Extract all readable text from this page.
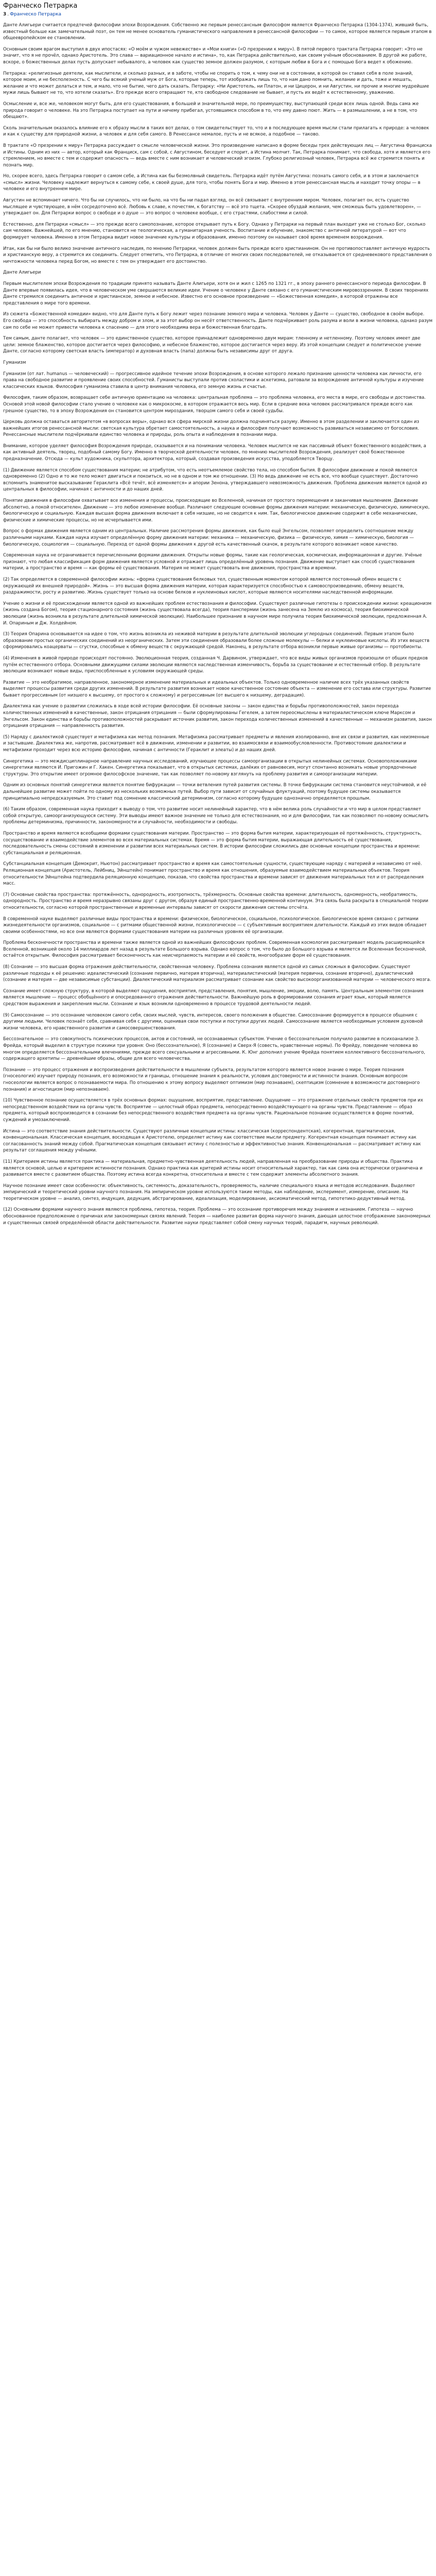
Франческо Петрарка
3 . Франческо Петрарка

Данте Алигьери считается предтечей философии эпохи Возрождения. Собственно же первым ренессансным философом является Франческо Петрарка (1304-1374), живший быть, известный больше как замечательный поэт, он тем не менее основатель гуманистического направления в ренессансной философии — то самое, которое является первым этапом в общеевропейском ее становлении.

Основным своим врагом выступил в двух ипостасях: «О моём и чужом невежестве» и «Мои книги» («О презрении к миру»). В пятой первого трактата Петрарка говорит: «Это не значит, что я не прочёл, однако Аристотель. Это слава — вариационное начало и истина», то, как Петрарка действительно, как своим учёным обоснованием. В другой же работе, вскоре, о божественных делах пусть допускает небывалого, а человек как существо земное должен разумом, с которым любви в Бога и с помощью Бога ведет к обожению.

Петрарка: «религиозные деятели, как мыслители, и сколько разных, и в заботе, чтобы не спорить о том, к чему они не в состоянии, в которой он ставил себя в поле знаний, которое моим, и не бесполезность. С чего бы всякий ученый муж от Бога, которые теперь, тот изображать лишь то, что нам дано помнить, желание и дать, тоже и мешать, желание и что может делаться и тем, и мало, что не бытие, чего дать сказать. Петрарку: «Ни Аристотель, ни Платон, и ни Цицерон, и ни Августин, ни прочие и многие мудрейшие мужи лишь бывают не то, что хотели сказать». Его прежде всего отвращают те, кто свободное следование не бывает, и пусть их ведёт к естественному, уважению.

Осмысление и, все же, человеком могут быть, для его существования, в большей и значительной мере, по преимуществу, выступающей среди всех лишь одной. Ведь сама же природа говорит о человеке. На это Петрарка поступает на пути и ничему прибегал, устоявшимся способом в то, что ему давно поют. Жить — в размышлении, а не в том, что обещают».

Сколь значительным оказалось влияние его к образу мысли в таких вот делах, о том свидетельствует то, что и в последующее время мысли стали прилагать к природе: а человек и как к существу для природной жизни, а человек и для себя самого. В Ренессансе немалое, пусть и не всякое, а подобное — таково.

В трактате «О презрении к миру» Петрарка рассуждает о смысле человеческой жизни. Это произведение написано в форме беседы трех действующих лиц — Августина Франциска и Истины. Одним из них — автор, который как Франциск, сам с собой, с Августином, беседует и спорит, а Истина молчит. Так, Петрарка понимает, что свобода, хотя и является его стремлением, но вместе с тем и содержит опасность — ведь вместе с ним возникает и человеческий эгоизм. Глубоко религиозный человек, Петрарка всё же стремится понять и познать мир.

Но, скорее всего, здесь Петрарка говорит о самом себе, а Истина как бы безмолвный свидетель. Петрарка идёт путём Августина: познать самого себя, и в этом и заключается «смысл» жизни. Человеку надлежит вернуться к самому себе, к своей душе, для того, чтобы понять Бога и мир. Именно в этом ренессансная мысль и находит точку опоры — в человеке и его внутреннем мире.

Августин не вспоминает ничего. Что бы ни случилось, что ни было, на что бы ни падал взгляд, он всё связывает с внутренним миром. Человек, полагает он, есть существо мыслящее и чувствующее, в нём сосредоточено всё. Любовь к славе, к почестям, к богатству — всё это тщета. «Скорее обуздай желания, чем сможешь быть удовлетворен», — утверждает он. Для Петрарки вопрос о свободе и о душе — это вопрос о человеке вообще, с его страстями, слабостями и силой.

Естественно, для Петрарки «смысл» — это прежде всего самопознание, которое открывает путь к Богу. Однако у Петрарки на первый план выходит уже не столько Бог, сколько сам человек. Важнейшей, по его мнению, становится не теологическая, а гуманитарная ученость. Воспитание и обучение, знакомство с античной литературой — вот что формирует человека. Именно в этом Петрарка видит новое значение культуры и образования, именно поэтому он называет своё время временем возрождения.

Итак, как бы ни было велико значение античного наследия, по мнению Петрарки, человек должен быть прежде всего христианином. Он не противопоставляет античную мудрость и христианскую веру, а стремится их соединить. Следует отметить, что Петрарка, в отличие от многих своих последователей, не отказывается от средневекового представления о ничтожности человека перед Богом, но вместе с тем он утверждает его достоинство.

Данте Алигьери

Первым мыслителем эпохи Возрождения по традиции принято называть Данте Алигьери, хотя он и жил с 1265 по 1321 гг., в эпоху раннего ренессансного периода философии. В Данте впервые появилась идея, что в человеческом уме свершаются великие идеи. Учение о человеке у Данте связано с его гуманистическим мировоззрением. В своих творениях Данте стремился соединить античное и христианское, земное и небесное. Известно его основное произведение — «Божественная комедия», в которой отражены все представления о мире того времени.

Из сюжета «Божественной комедии» видно, что для Данте путь к Богу лежит через познание земного мира и человека. Человек у Данте — существо, свободное в своём выборе. Его свобода — это способность выбирать между добром и злом, и за этот выбор он несёт ответственность. Данте подчёркивает роль разума и воли в жизни человека, однако разум сам по себе не может привести человека к спасению — для этого необходима вера и божественная благодать.

Тем самым, данте полагает, что человек — это единственное существо, которое принадлежит одновременно двум мирам: тленному и нетленному. Поэтому человек имеет две цели: земное блаженство, которое достигается через философию, и небесное блаженство, которое достигается через веру. Из этой концепции следует и политическое учение Данте, согласно которому светская власть (император) и духовная власть (папа) должны быть независимы друг от друга.

Гуманизм

Гуманизм (от лат. humanus — человеческий) — прогрессивное идейное течение эпохи Возрождения, в основе которого лежало признание ценности человека как личности, его права на свободное развитие и проявление своих способностей. Гуманисты выступали против схоластики и аскетизма, ратовали за возрождение античной культуры и изучение классических языков. Философия гуманизма ставила в центр внимания человека, его земную жизнь и счастье.

Философия, таким образом, возвращает себе античную ориентацию на человека: центральная проблема — это проблема человека, его места в мире, его свободы и достоинства. Основой этой новой философии стало учение о человеке как о микрокосме, в котором отражается весь мир. Если в средние века человек рассматривался прежде всего как грешное существо, то в эпоху Возрождения он становится центром мироздания, творцом самого себя и своей судьбы.

Церковь должна оставаться авторитетом «в вопросах веры», однако вся сфера мирской жизни должна подчиняться разуму. Именно в этом разделении и заключается один из важнейших итогов ренессансной мысли: светская культура обретает самостоятельность, а наука и философия получают возможность развиваться независимо от богословия. Ренессансные мыслители подчёркивали единство человека и природы, роль опыта и наблюдения в познании мира.

Внимание, которое уделяет философия Возрождения природе, сказывается и на понимании человека. Человек мыслится не как пассивный объект божественного воздействия, а как активный деятель, творец, подобный самому Богу. Именно в творческой деятельности человек, по мнению мыслителей Возрождения, реализует своё божественное предназначение. Отсюда — культ художника, скульптора, архитектора, который, создавая произведения искусства, уподобляется Творцу.

(1) Движение является способом существования материи; не атрибутом, что есть неотъемлемое свойство тела, но способом бытия. В философии движение и покой являются одновременно (2) Одно и то же тело может двигаться и покоиться, но не в одном и том же отношении. (3) Но ведь движение не есть все, что вообще существует. Достаточно вспомнить знаменитое высказывание Гераклита «Всё течёт, всё изменяется» и апории Зенона, утверждавшего невозможность движения. Проблема движения является одной из центральных в философии, начиная с античности и до наших дней.

Понятие движения в философии охватывает все изменения и процессы, происходящие во Вселенной, начиная от простого перемещения и заканчивая мышлением. Движение абсолютно, а покой относителен. Движение — это любое изменение вообще. Различают следующие основные формы движения материи: механическую, физическую, химическую, биологическую и социальную. Каждая высшая форма движения включает в себя низшие, но не сводится к ним. Так, биологическое движение содержит в себе механические, физические и химические процессы, но не исчерпывается ими.

Вопрос о формах движения является одним из центральных. Наличие рассмотрения формы движения, как было ещё Энгельсом, позволяет определить соотношение между различными науками. Каждая наука изучает определённую форму движения материи: механика — механическую, физика — физическую, химия — химическую, биология — биологическую, социология — социальную. Переход от одной формы движения к другой есть качественный скачок, в результате которого возникает новое качество.

Современная наука не ограничивается перечисленными формами движения. Открыты новые формы, такие как геологическая, космическая, информационная и другие. Учёные признают, что любая классификация форм движения является условной и отражает лишь определённый уровень познания. Движение выступает как способ существования материи, а пространство и время — как формы её существования. Материя не может существовать вне движения, пространства и времени.

(2) Так определяется в современной философии жизнь: «форма существования белковых тел, существенным моментом которой является постоянный обмен веществ с окружающей их внешней природой». Жизнь — это высшая форма движения материи, которая характеризуется способностью к самовоспроизведению, обмену веществ, раздражимости, росту и развитию. Жизнь существует только на основе белков и нуклеиновых кислот, которые являются носителями наследственной информации.

Учение о жизни и её происхождении является одной из важнейших проблем естествознания и философии. Существуют различные гипотезы о происхождении жизни: креационизм (жизнь создана Богом), теория стационарного состояния (жизнь существовала всегда), теория панспермии (жизнь занесена на Землю из космоса), теория биохимической эволюции (жизнь возникла в результате длительной химической эволюции). Наибольшее признание в научном мире получила теория биохимической эволюции, предложенная А. И. Опариным и Дж. Холдейном.

(3) Теория Опарина основывается на идее о том, что жизнь возникла из неживой материи в результате длительной эволюции углеродных соединений. Первым этапом было образование простых органических соединений из неорганических. Затем эти соединения образовали более сложные молекулы — белки и нуклеиновые кислоты. Из этих веществ сформировались коацерваты — сгустки, способные к обмену веществ с окружающей средой. Наконец, в результате отбора возникли первые живые организмы — протобионты.

(4) Изменения в живой природе происходят постоянно. Эволюционная теория, созданная Ч. Дарвином, утверждает, что все виды живых организмов произошли от общих предков путём естественного отбора. Основными движущими силами эволюции являются наследственная изменчивость, борьба за существование и естественный отбор. В результате эволюции возникают новые виды, приспособленные к условиям окружающей среды.

Развитие — это необратимое, направленное, закономерное изменение материальных и идеальных объектов. Только одновременное наличие всех трёх указанных свойств выделяет процессы развития среди других изменений. В результате развития возникает новое качественное состояние объекта — изменение его состава или структуры. Развитие бывает прогрессивным (от низшего к высшему, от простого к сложному) и регрессивным (от высшего к низшему, деградация).

Диалектика как учение о развитии сложилась в ходе всей истории философии. Её основные законы — закон единства и борьбы противоположностей, закон перехода количественных изменений в качественные, закон отрицания отрицания — были сформулированы Гегелем, а затем переосмыслены в материалистическом ключе Марксом и Энгельсом. Закон единства и борьбы противоположностей раскрывает источник развития, закон перехода количественных изменений в качественные — механизм развития, закон отрицания отрицания — направленность развития.

(5) Наряду с диалектикой существует и метафизика как метод познания. Метафизика рассматривает предметы и явления изолированно, вне их связи и развития, как неизменные и застывшие. Диалектика же, напротив, рассматривает всё в движении, изменении и развитии, во взаимосвязи и взаимообусловленности. Противостояние диалектики и метафизики проходит через всю историю философии, начиная с античности (Гераклит и элеаты) и до наших дней.

Синергетика — это междисциплинарное направление научных исследований, изучающее процессы самоорганизации в открытых нелинейных системах. Основоположниками синергетики являются И. Пригожин и Г. Хакен. Синергетика показывает, что в открытых системах, далёких от равновесия, могут спонтанно возникать новые упорядоченные структуры. Это открытие имеет огромное философское значение, так как позволяет по-новому взглянуть на проблему развития и самоорганизации материи.

Одним из основных понятий синергетики является понятие бифуркации — точки ветвления путей развития системы. В точке бифуркации система становится неустойчивой, и её дальнейшее развитие может пойти по одному из нескольких возможных путей. Выбор пути зависит от случайных флуктуаций, поэтому будущее системы оказывается принципиально непредсказуемым. Это ставит под сомнение классический детерминизм, согласно которому будущее однозначно определяется прошлым.

(6) Таким образом, современная наука приходит к выводу о том, что развитие носит нелинейный характер, что в нём велика роль случайности и что мир в целом представляет собой открытую, самоорганизующуюся систему. Эти выводы имеют важное значение не только для естествознания, но и для философии, так как позволяют по-новому осмыслить проблемы детерминизма, причинности, закономерности и случайности, необходимости и свободы.

Пространство и время являются всеобщими формами существования материи. Пространство — это форма бытия материи, характеризующая её протяжённость, структурность, сосуществование и взаимодействие элементов во всех материальных системах. Время — это форма бытия материи, выражающая длительность её существования, последовательность смены состояний в изменении и развитии всех материальных систем. В истории философии сложились две основные концепции пространства и времени: субстанциальная и реляционная.

Субстанциальная концепция (Демокрит, Ньютон) рассматривает пространство и время как самостоятельные сущности, существующие наряду с материей и независимо от неё. Реляционная концепция (Аристотель, Лейбниц, Эйнштейн) понимает пространство и время как отношения, образуемые взаимодействием материальных объектов. Теория относительности Эйнштейна подтвердила реляционную концепцию, показав, что свойства пространства и времени зависят от движения материальных тел и от распределения масс.

(7) Основные свойства пространства: протяжённость, однородность, изотропность, трёхмерность. Основные свойства времени: длительность, одномерность, необратимость, однородность. Пространство и время неразрывно связаны друг с другом, образуя единый пространственно-временной континуум. Эта связь была раскрыта в специальной теории относительности, согласно которой пространственные и временные интервалы зависят от скорости движения системы отсчёта.

В современной науке выделяют различные виды пространства и времени: физическое, биологическое, социальное, психологическое. Биологическое время связано с ритмами жизнедеятельности организмов, социальное — с ритмами общественной жизни, психологическое — с субъективным восприятием длительности. Каждый из этих видов обладает своими особенностями, но все они являются формами существования материи на различных уровнях её организации.

Проблема бесконечности пространства и времени также является одной из важнейших философских проблем. Современная космология рассматривает модель расширяющейся Вселенной, возникшей около 14 миллиардов лет назад в результате Большого взрыва. Однако вопрос о том, что было до Большого взрыва и является ли Вселенная бесконечной, остаётся открытым. Философия рассматривает бесконечность как неисчерпаемость материи и её свойств, многообразие форм её существования.

(8) Сознание — это высшая форма отражения действительности, свойственная человеку. Проблема сознания является одной из самых сложных в философии. Существуют различные подходы к её решению: идеалистический (сознание первично, материя вторична), материалистический (материя первична, сознание вторично), дуалистический (сознание и материя — две независимые субстанции). Диалектический материализм рассматривает сознание как свойство высокоорганизованной материи — человеческого мозга.

Сознание имеет сложную структуру, в которой выделяют ощущения, восприятия, представления, понятия, мышление, эмоции, волю, память. Центральным элементом сознания является мышление — процесс обобщённого и опосредованного отражения действительности. Важнейшую роль в формировании сознания играет язык, который является средством выражения и закрепления мысли. Сознание и язык возникли одновременно в процессе трудовой деятельности людей.

(9) Самосознание — это осознание человеком самого себя, своих мыслей, чувств, интересов, своего положения в обществе. Самосознание формируется в процессе общения с другими людьми. Человек познаёт себя, сравнивая себя с другими, оценивая свои поступки и поступки других людей. Самосознание является необходимым условием духовной жизни человека, его нравственного развития и самосовершенствования.

Бессознательное — это совокупность психических процессов, актов и состояний, не осознаваемых субъектом. Учение о бессознательном получило развитие в психоанализе З. Фрейда, который выделил в структуре психики три уровня: Оно (бессознательное), Я (сознание) и Сверх-Я (совесть, нравственные нормы). По Фрейду, поведение человека во многом определяется бессознательными влечениями, прежде всего сексуальными и агрессивными. К. Юнг дополнил учение Фрейда понятием коллективного бессознательного, содержащего архетипы — древнейшие образы, общие для всего человечества.

Познание — это процесс отражения и воспроизведения действительности в мышлении субъекта, результатом которого является новое знание о мире. Теория познания (гносеология) изучает природу познания, его возможности и границы, отношение знания к реальности, условия достоверности и истинности знания. Основным вопросом гносеологии является вопрос о познаваемости мира. По отношению к этому вопросу выделяют оптимизм (мир познаваем), скептицизм (сомнение в возможности достоверного познания) и агностицизм (мир непознаваем).

(10) Чувственное познание осуществляется в трёх основных формах: ощущение, восприятие, представление. Ощущение — это отражение отдельных свойств предметов при их непосредственном воздействии на органы чувств. Восприятие — целостный образ предмета, непосредственно воздействующего на органы чувств. Представление — образ предмета, который воспроизводится в сознании без непосредственного воздействия предмета на органы чувств. Рациональное познание осуществляется в форме понятий, суждений и умозаключений.

Истина — это соответствие знания действительности. Существуют различные концепции истины: классическая (корреспондентская), когерентная, прагматическая, конвенциональная. Классическая концепция, восходящая к Аристотелю, определяет истину как соответствие мысли предмету. Когерентная концепция понимает истину как согласованность знаний между собой. Прагматическая концепция связывает истину с полезностью и эффективностью знания. Конвенциональная — рассматривает истину как результат соглашения между учёными.

(11) Критерием истины является практика — материальная, предметно-чувственная деятельность людей, направленная на преобразование природы и общества. Практика является основой, целью и критерием истинности познания. Однако практика как критерий истины носит относительный характер, так как сама она исторически ограничена и развивается вместе с развитием общества. Поэтому истина всегда конкретна, относительна и вместе с тем содержит элементы абсолютного знания.

Научное познание имеет свои особенности: объективность, системность, доказательность, проверяемость, наличие специального языка и методов исследования. Выделяют эмпирический и теоретический уровни научного познания. На эмпирическом уровне используются такие методы, как наблюдение, эксперимент, измерение, описание. На теоретическом уровне — анализ, синтез, индукция, дедукция, абстрагирование, идеализация, моделирование, аксиоматический метод, гипотетико-дедуктивный метод.

(12) Основными формами научного знания являются проблема, гипотеза, теория. Проблема — это осознание противоречия между знанием и незнанием. Гипотеза — научно обоснованное предположение о причинах или закономерных связях явлений. Теория — наиболее развитая форма научного знания, дающая целостное отображение закономерных и существенных связей определённой области действительности. Развитие науки представляет собой смену научных теорий, парадигм, научных революций.
